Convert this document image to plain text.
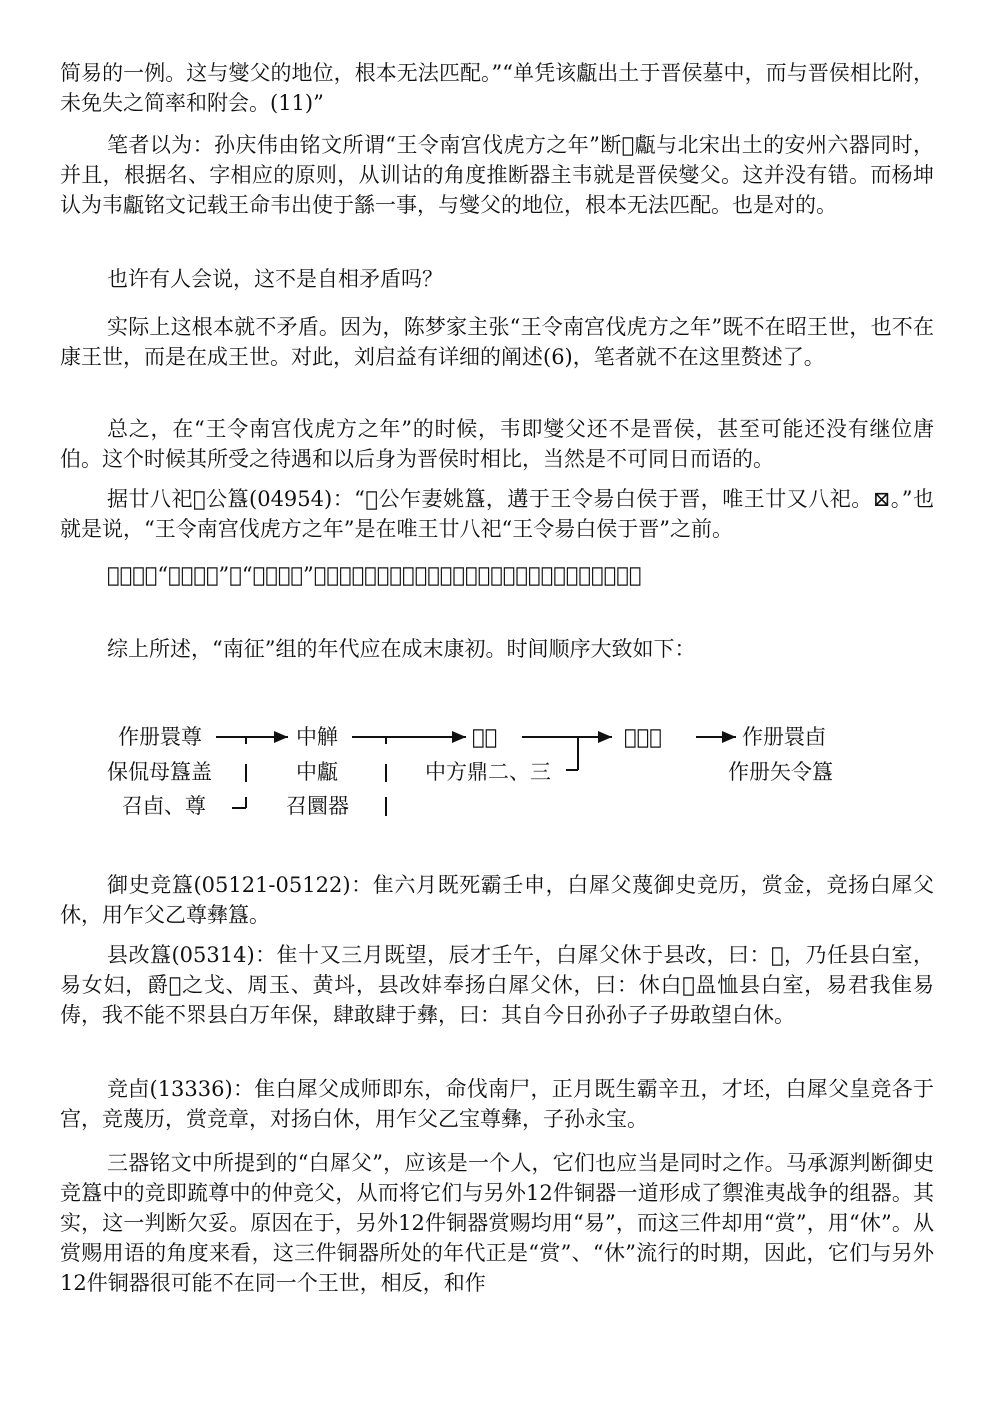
简易的一例。这与燮父的地位，根本无法匹配。”“单凭该甗出土于晋侯墓中，而与晋侯相比附，未免失之简率和附会。(11)”

笔者以为：孙庆伟由铭文所谓“王令南宫伐虎方之年”断𢼸甗与北宋出土的安州六器同时，并且，根据名、字相应的原则，从训诂的角度推断器主韦就是晋侯燮父。这并没有错。而杨坤认为韦甗铭文记载王命韦出使于䌛一事，与燮父的地位，根本无法匹配。也是对的。

也许有人会说，这不是自相矛盾吗？

实际上这根本就不矛盾。因为，陈梦家主张“王令南宫伐虎方之年”既不在昭王世，也不在康王世，而是在成王世。对此，刘启益有详细的阐述(6)，笔者就不在这里赘述了。

总之，在“王令南宫伐虎方之年”的时候，韦即燮父还不是晋侯，甚至可能还没有继位唐伯。这个时候其所受之待遇和以后身为晋侯时相比，当然是不可同日而语的。

据廿八祀𧡧公簋(04954)：“𧡧公乍妻姚簋，遘于王令昜白侯于晋，唯王廿又八祀。⊠。”也就是说，“王令南宫伐虎方之年”是在唯王廿八祀“王令昜白侯于晋”之前。

𢼸甗中的“扬对王休”与“对扬王休”一类句子稍有差别，表明拜谢用语这时刚刚开始行用不久。

综上所述，“南征”组的年代应在成末康初。时间顺序大致如下：

作册睘尊
保侃母簋盖
召卣、尊
中觯
中甗
召圜器
𢼸甗
中方鼎二、三
𧡧公簋	作册睘卣
作册矢令簋

御史竞簋(05121-05122)：隹六月既死霸壬申，白犀父蔑御史竞历，赏金，竞扬白犀父休，用乍父乙尊彝簋。

县改簋(05314)：隹十又三月既望，辰才壬午，白犀父休于县改，曰：𢼸，乃任县白室，易女妇，爵𡢁之戈、周玉、黄㘰，县改妦奉扬白犀父休，曰：休白𡗝𥁕恤县白室，易君我隹易俦，我不能不眔县白万年保，肆敢肆于彝，曰：其自今日孙孙子子毋敢望白休。

竞卣(13336)：隹白犀父成师即东，命伐南尸，正月既生霸辛丑，才坯，白犀父皇竞各于宫，竞蔑历，赏竞章，对扬白休，用乍父乙宝尊彝，子孙永宝。

三器铭文中所提到的“白犀父”，应该是一个人，它们也应当是同时之作。马承源判断御史竞簋中的竞即䟽尊中的仲竞父，从而将它们与另外12件铜器一道形成了禦淮夷战争的组器。其实，这一判断欠妥。原因在于，另外12件铜器赏赐均用“易”，而这三件却用“赏”，用“休”。从赏赐用语的角度来看，这三件铜器所处的年代正是“赏”、“休”流行的时期，因此，它们与另外12件铜器很可能不在同一个王世，相反，和作
